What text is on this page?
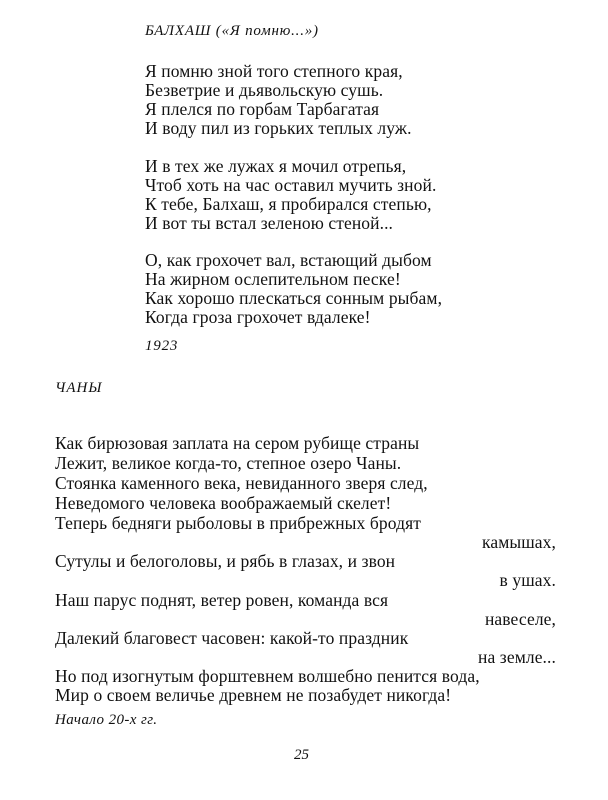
БАЛХАШ («Я помню...»)
Я помню зной того степного края,
Безветрие и дьявольскую сушь.
Я плелся по горбам Тарбагатая
И воду пил из горьких теплых луж.
И в тех же лужах я мочил отрепья,
Чтоб хоть на час оставил мучить зной.
К тебе, Балхаш, я пробирался степью,
И вот ты встал зеленою стеной...
О, как грохочет вал, встающий дыбом
На жирном ослепительном песке!
Как хорошо плескаться сонным рыбам,
Когда гроза грохочет вдалеке!
1923
ЧАНЫ
Как бирюзовая заплата на сером рубище страны
Лежит, великое когда-то, степное озеро Чаны.
Стоянка каменного века, невиданного зверя след,
Неведомого человека воображаемый скелет!
Теперь бедняги рыболовы в прибрежных бродят
камышах,
Сутулы и белоголовы, и рябь в глазах, и звон
в ушах.
Наш парус поднят, ветер ровен, команда вся
навеселе,
Далекий благовест часовен: какой-то праздник
на земле...
Но под изогнутым форштевнем волшебно пенится вода,
Мир о своем величье древнем не позабудет никогда!
Начало 20-х гг.
25
